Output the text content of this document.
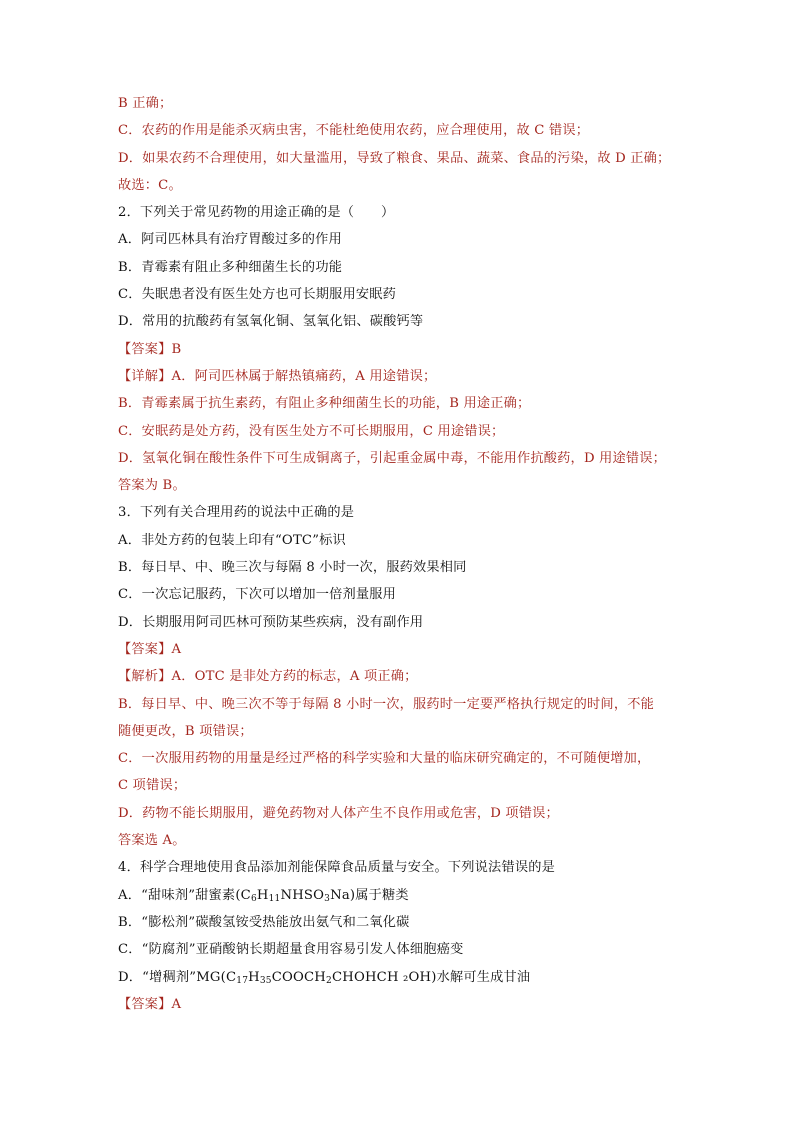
B 正确；
C．农药的作用是能杀灭病虫害，不能杜绝使用农药，应合理使用，故 C 错误；
D．如果农药不合理使用，如大量滥用，导致了粮食、果品、蔬菜、食品的污染，故 D 正确；
故选：C。
2．下列关于常见药物的用途正确的是（　　）
A．阿司匹林具有治疗胃酸过多的作用
B．青霉素有阻止多种细菌生长的功能
C．失眠患者没有医生处方也可长期服用安眠药
D．常用的抗酸药有氢氧化铜、氢氧化铝、碳酸钙等
【答案】B
【详解】A．阿司匹林属于解热镇痛药，A 用途错误；
B．青霉素属于抗生素药，有阻止多种细菌生长的功能，B 用途正确；
C．安眠药是处方药，没有医生处方不可长期服用，C 用途错误；
D．氢氧化铜在酸性条件下可生成铜离子，引起重金属中毒，不能用作抗酸药，D 用途错误；
答案为 B。
3．下列有关合理用药的说法中正确的是
A．非处方药的包装上印有“OTC”标识
B．每日早、中、晚三次与每隔 8 小时一次，服药效果相同
C．一次忘记服药，下次可以增加一倍剂量服用
D．长期服用阿司匹林可预防某些疾病，没有副作用
【答案】A
【解析】A．OTC 是非处方药的标志，A 项正确；
B．每日早、中、晚三次不等于每隔 8 小时一次，服药时一定要严格执行规定的时间，不能
随便更改，B 项错误；
C．一次服用药物的用量是经过严格的科学实验和大量的临床研究确定的，不可随便增加，
C 项错误；
D．药物不能长期服用，避免药物对人体产生不良作用或危害，D 项错误；
答案选 A。
4．科学合理地使用食品添加剂能保障食品质量与安全。下列说法错误的是
A．“甜味剂”甜蜜素$(C_6H_{11}NHSO_3Na)$属于糖类
B．“膨松剂”碳酸氢铵受热能放出氨气和二氧化碳
C．“防腐剂”亚硝酸钠长期超量食用容易引发人体细胞癌变
D．“增稠剂$”MG(C_{17}H_{35}COOCH_2CHOHCH$ ₂OH)水解可生成甘油
【答案】A
